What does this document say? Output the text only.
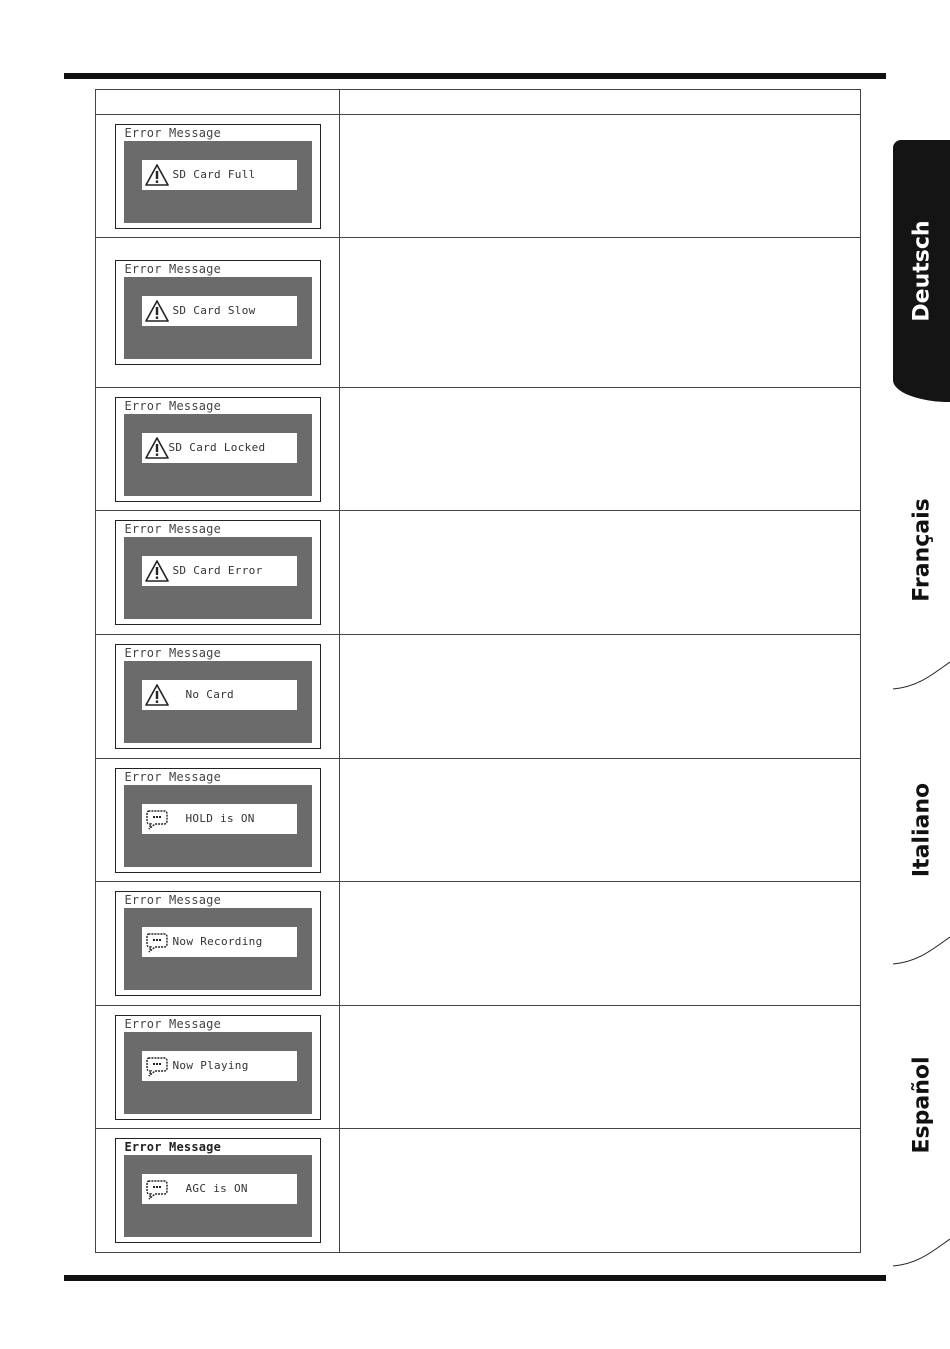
Error Message
SD Card Full	

Error Message
SD Card Slow	

Error Message
SD Card Locked	

Error Message
SD Card Error	

Error Message
No Card	

Error Message
HOLD is ON	

Error Message
Now Recording	

Error Message
Now Playing	

Error Message
AGC is ON	

Deutsch
Français
Italiano
Español
